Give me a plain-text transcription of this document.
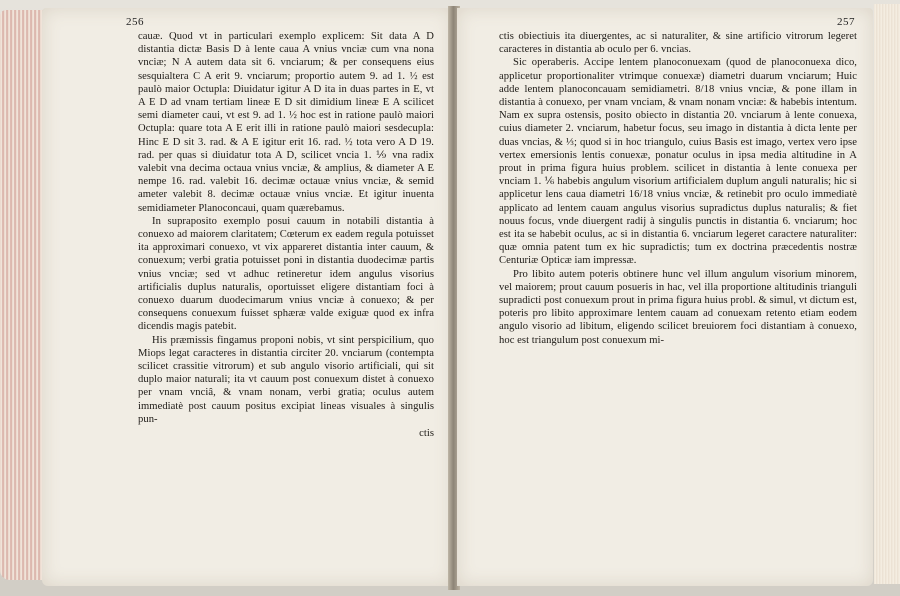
256

cauæ. Quod vt in particulari exemplo explicem: Sit data A D distantia dictæ Basis D à lente caua A vnius vnciæ cum vna nona vnciæ; N A autem data sit 6. vnciarum; & per consequens eius sesquialtera C A erit 9. vnciarum; proportio autem 9. ad 1. ½ est paulò maior Octupla: Diuidatur igitur A D ita in duas partes in E, vt A E D ad vnam tertiam lineæ E D sit dimidium lineæ E A scilicet semi diameter caui, vt est 9. ad 1. ½ hoc est in ratione paulò maiori Octupla: quare tota A E erit illi in ratione paulò maiori sesdecupla: Hinc E D sit 3. rad. & A E igitur erit 16. rad. ½ tota vero A D 19. rad. per quas si diuidatur tota A D, scilicet vncia 1. ⅑ vna radix valebit vna decima octaua vnius vnciæ, & amplius, & diameter A E nempe 16. rad. valebit 16. decimæ octauæ vnius vnciæ, & semid ameter valebit 8. decimæ octauæ vnius vnciæ. Et igitur inuenta semidiameter Planoconcaui, quam quærebamus.

In supraposito exemplo posui cauum in notabili distantia à conuexo ad maiorem claritatem; Cœterum ex eadem regula potuisset ita approximari conuexo, vt vix appareret distantia inter cauum, & conuexum; verbi gratia potuisset poni in distantia duodecimæ partis vnius vnciæ; sed vt adhuc retineretur idem angulus visorius artificialis duplus naturalis, oportuisset eligere distantiam foci à conuexo duarum duodecimarum vnius vnciæ à conuexo; & per consequens conuexum fuisset sphæræ valde exiguæ quod ex infra dicendis magis patebit.

His præmissis fingamus proponi nobis, vt sint perspicilium, quo Miops legat caracteres in distantia circiter 20. vnciarum (contempta scilicet crassitie vitrorum) et sub angulo visorio artificiali, qui sit duplo maior naturali; ita vt cauum post conuexum distet à conuexo per vnam vnciâ, & vnam nonam, verbi gratia; oculus autem immediatè post cauum positus excipiat lineas visuales à singulis pun-

ctis

257

ctis obiectiuis ita diuergentes, ac si naturaliter, & sine artificio vitrorum legeret caracteres in distantia ab oculo per 6. vncias.

Sic operaberis. Accipe lentem planoconuexam (quod de planoconuexa dico, applicetur proportionaliter vtrimque conuexæ) diametri duarum vnciarum; Huic adde lentem planoconcauam semidiametri. 8/18 vnius vnciæ, & pone illam in distantia à conuexo, per vnam vnciam, & vnam nonam vnciæ: & habebis intentum. Nam ex supra ostensis, posito obiecto in distantia 20. vnciarum à lente conuexa, cuius diameter 2. vnciarum, habetur focus, seu imago in distantia à dicta lente per duas vncias, & ⅓; quod si in hoc triangulo, cuius Basis est imago, vertex vero ipse vertex emersionis lentis conuexæ, ponatur oculus in ipsa media altitudine in A prout in prima figura huius problem. scilicet in distantia à lente conuexa per vnciam 1. ⅙ habebis angulum visorium artificialem duplum anguli naturalis; hic si applicetur lens caua diametri 16/18 vnius vnciæ, & retinebit pro oculo immediatè applicato ad lentem cauam angulus visorius supradictus duplus naturalis; & fiet nouus focus, vnde diuergent radij à singulis punctis in distantia 6. vnciarum; hoc est ita se habebit oculus, ac si in distantia 6. vnciarum legeret caractere naturaliter: quæ omnia patent tum ex hic supradictis; tum ex doctrina præcedentis nostræ Centuriæ Opticæ iam impressæ.

Pro libito autem poteris obtinere hunc vel illum angulum visorium minorem, vel maiorem; prout cauum posueris in hac, vel illa proportione altitudinis trianguli supradicti post conuexum prout in prima figura huius probl. & simul, vt dictum est, poteris pro libito approximare lentem cauam ad conuexam retento etiam eodem angulo visorio ad libitum, eligendo scilicet breuiorem foci distantiam à conuexo, hoc est triangulum post conuexum mi-
